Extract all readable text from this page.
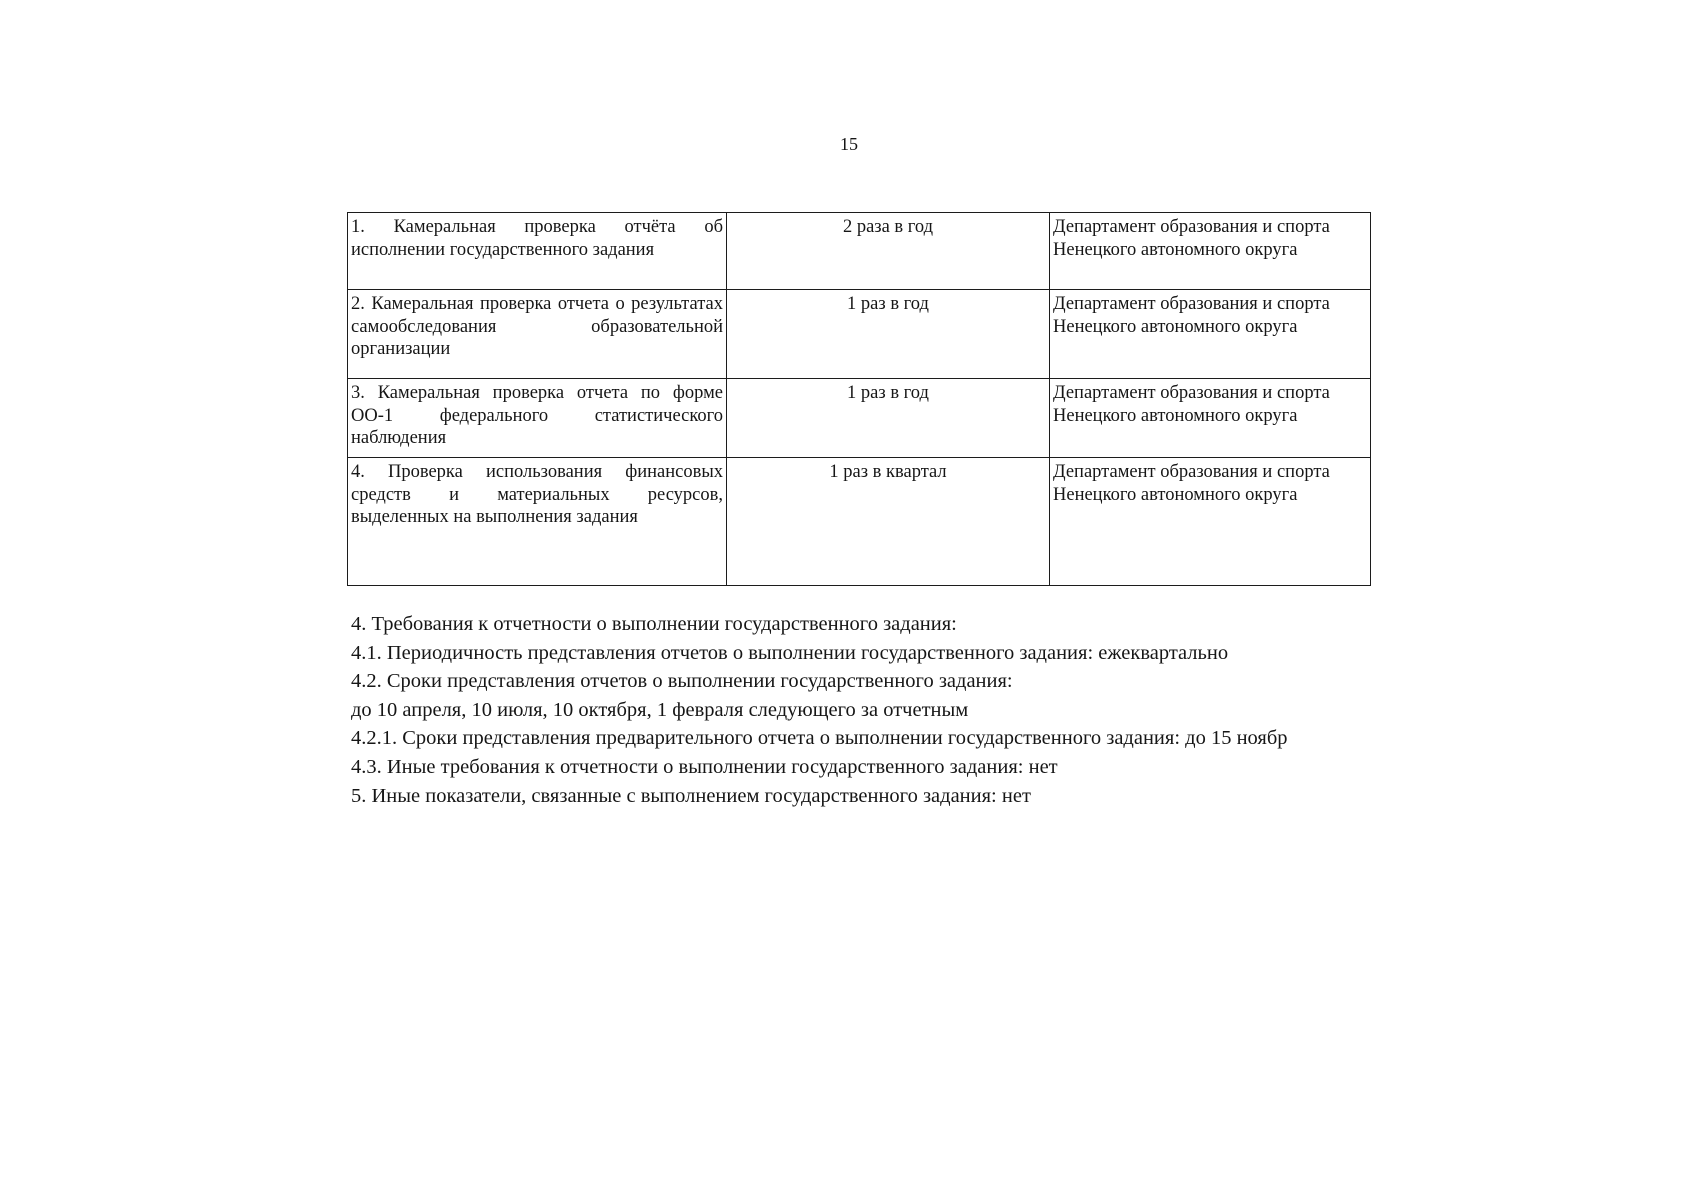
15
1. Камеральная проверка отчёта об исполнении государственного задания	2 раза в год	Департамент образования и спорта Ненецкого автономного округа
2. Камеральная проверка отчета о результатах самообследования образовательной организации	1 раз в год	Департамент образования и спорта Ненецкого автономного округа
3. Камеральная проверка отчета по форме ОО-1 федерального статистического наблюдения	1 раз в год	Департамент образования и спорта Ненецкого автономного округа
4. Проверка использования финансовых средств и материальных ресурсов, выделенных на выполнения задания	1 раз в квартал	Департамент образования и спорта Ненецкого автономного округа

4. Требования к отчетности о выполнении государственного задания:

4.1. Периодичность представления отчетов о выполнении государственного задания: ежеквартально

4.2. Сроки представления отчетов о выполнении государственного задания:

до 10 апреля, 10 июля, 10 октября, 1 февраля следующего за отчетным

4.2.1. Сроки представления предварительного отчета о выполнении государственного задания: до 15 ноябр

4.3. Иные требования к отчетности о выполнении государственного задания: нет

5. Иные показатели, связанные с выполнением государственного задания: нет
